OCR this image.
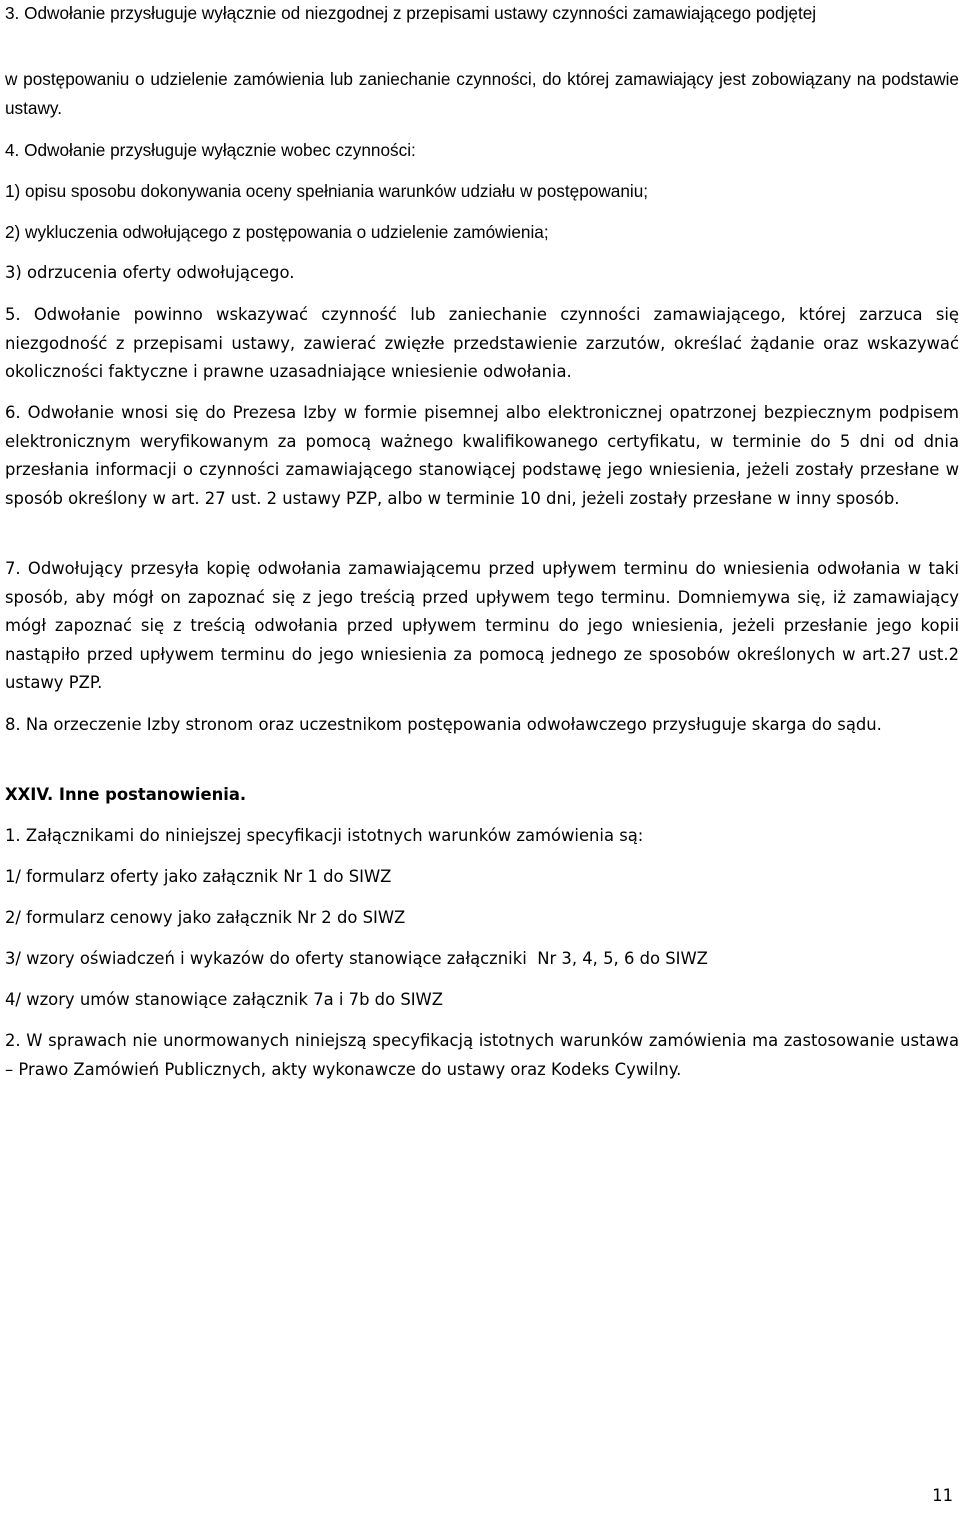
3. Odwołanie przysługuje wyłącznie od niezgodnej z przepisami ustawy czynności zamawiającego podjętej

w postępowaniu o udzielenie zamówienia lub zaniechanie czynności, do której zamawiający jest zobowiązany na podstawie ustawy.

4. Odwołanie przysługuje wyłącznie wobec czynności:

1) opisu sposobu dokonywania oceny spełniania warunków udziału w postępowaniu;

2) wykluczenia odwołującego z postępowania o udzielenie zamówienia;

3) odrzucenia oferty odwołującego.

5. Odwołanie powinno wskazywać czynność lub zaniechanie czynności zamawiającego, której zarzuca się niezgodność z przepisami ustawy, zawierać zwięzłe przedstawienie zarzutów, określać żądanie oraz wskazywać okoliczności faktyczne i prawne uzasadniające wniesienie odwołania.

6. Odwołanie wnosi się do Prezesa Izby w formie pisemnej albo elektronicznej opatrzonej bezpiecznym podpisem elektronicznym weryfikowanym za pomocą ważnego kwalifikowanego certyfikatu, w terminie do 5 dni od dnia przesłania informacji o czynności zamawiającego stanowiącej podstawę jego wniesienia, jeżeli zostały przesłane w sposób określony w art. 27 ust. 2 ustawy PZP, albo w terminie 10 dni, jeżeli zostały przesłane w inny sposób.

7. Odwołujący przesyła kopię odwołania zamawiającemu przed upływem terminu do wniesienia odwołania w taki sposób, aby mógł on zapoznać się z jego treścią przed upływem tego terminu. Domniemywa się, iż zamawiający mógł zapoznać się z treścią odwołania przed upływem terminu do jego wniesienia, jeżeli przesłanie jego kopii nastąpiło przed upływem terminu do jego wniesienia za pomocą jednego ze sposobów określonych w art.27 ust.2 ustawy PZP.

8. Na orzeczenie Izby stronom oraz uczestnikom postępowania odwoławczego przysługuje skarga do sądu.

XXIV. Inne postanowienia.

1. Załącznikami do niniejszej specyfikacji istotnych warunków zamówienia są:

1/ formularz oferty jako załącznik Nr 1 do SIWZ

2/ formularz cenowy jako załącznik Nr 2 do SIWZ

3/ wzory oświadczeń i wykazów do oferty stanowiące załączniki  Nr 3, 4, 5, 6 do SIWZ

4/ wzory umów stanowiące załącznik 7a i 7b do SIWZ

2. W sprawach nie unormowanych niniejszą specyfikacją istotnych warunków zamówienia ma zastosowanie ustawa – Prawo Zamówień Publicznych, akty wykonawcze do ustawy oraz Kodeks Cywilny.

11
